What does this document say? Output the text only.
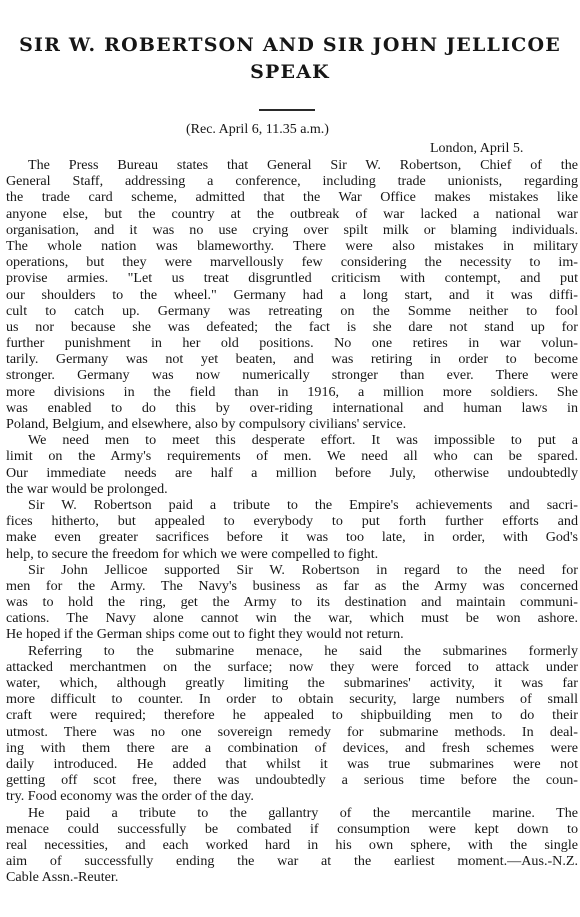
SIR W. ROBERTSON AND SIR JOHN JELLICOE
SPEAK
(Rec. April 6, 11.35 a.m.)
London, April 5.
The Press Bureau states that General Sir W. Robertson, Chief of the
General Staff, addressing a conference, including trade unionists, regarding
the trade card scheme, admitted that the War Office makes mistakes like
anyone else, but the country at the outbreak of war lacked a national war
organisation, and it was no use crying over spilt milk or blaming individuals.
The whole nation was blameworthy. There were also mistakes in military
operations, but they were marvellously few considering the necessity to im-
provise armies. "Let us treat disgruntled criticism with contempt, and put
our shoulders to the wheel." Germany had a long start, and it was diffi-
cult to catch up. Germany was retreating on the Somme neither to fool
us nor because she was defeated; the fact is she dare not stand up for
further punishment in her old positions. No one retires in war volun-
tarily. Germany was not yet beaten, and was retiring in order to become
stronger. Germany was now numerically stronger than ever. There were
more divisions in the field than in 1916, a million more soldiers. She
was enabled to do this by over-riding international and human laws in
Poland, Belgium, and elsewhere, also by compulsory civilians' service.
We need men to meet this desperate effort. It was impossible to put a
limit on the Army's requirements of men. We need all who can be spared.
Our immediate needs are half a million before July, otherwise undoubtedly
the war would be prolonged.
Sir W. Robertson paid a tribute to the Empire's achievements and sacri-
fices hitherto, but appealed to everybody to put forth further efforts and
make even greater sacrifices before it was too late, in order, with God's
help, to secure the freedom for which we were compelled to fight.
Sir John Jellicoe supported Sir W. Robertson in regard to the need for
men for the Army. The Navy's business as far as the Army was concerned
was to hold the ring, get the Army to its destination and maintain communi-
cations. The Navy alone cannot win the war, which must be won ashore.
He hoped if the German ships come out to fight they would not return.
Referring to the submarine menace, he said the submarines formerly
attacked merchantmen on the surface; now they were forced to attack under
water, which, although greatly limiting the submarines' activity, it was far
more difficult to counter. In order to obtain security, large numbers of small
craft were required; therefore he appealed to shipbuilding men to do their
utmost. There was no one sovereign remedy for submarine methods. In deal-
ing with them there are a combination of devices, and fresh schemes were
daily introduced. He added that whilst it was true submarines were not
getting off scot free, there was undoubtedly a serious time before the coun-
try. Food economy was the order of the day.
He paid a tribute to the gallantry of the mercantile marine. The
menace could successfully be combated if consumption were kept down to
real necessities, and each worked hard in his own sphere, with the single
aim of successfully ending the war at the earliest moment.—Aus.-N.Z.
Cable Assn.-Reuter.
